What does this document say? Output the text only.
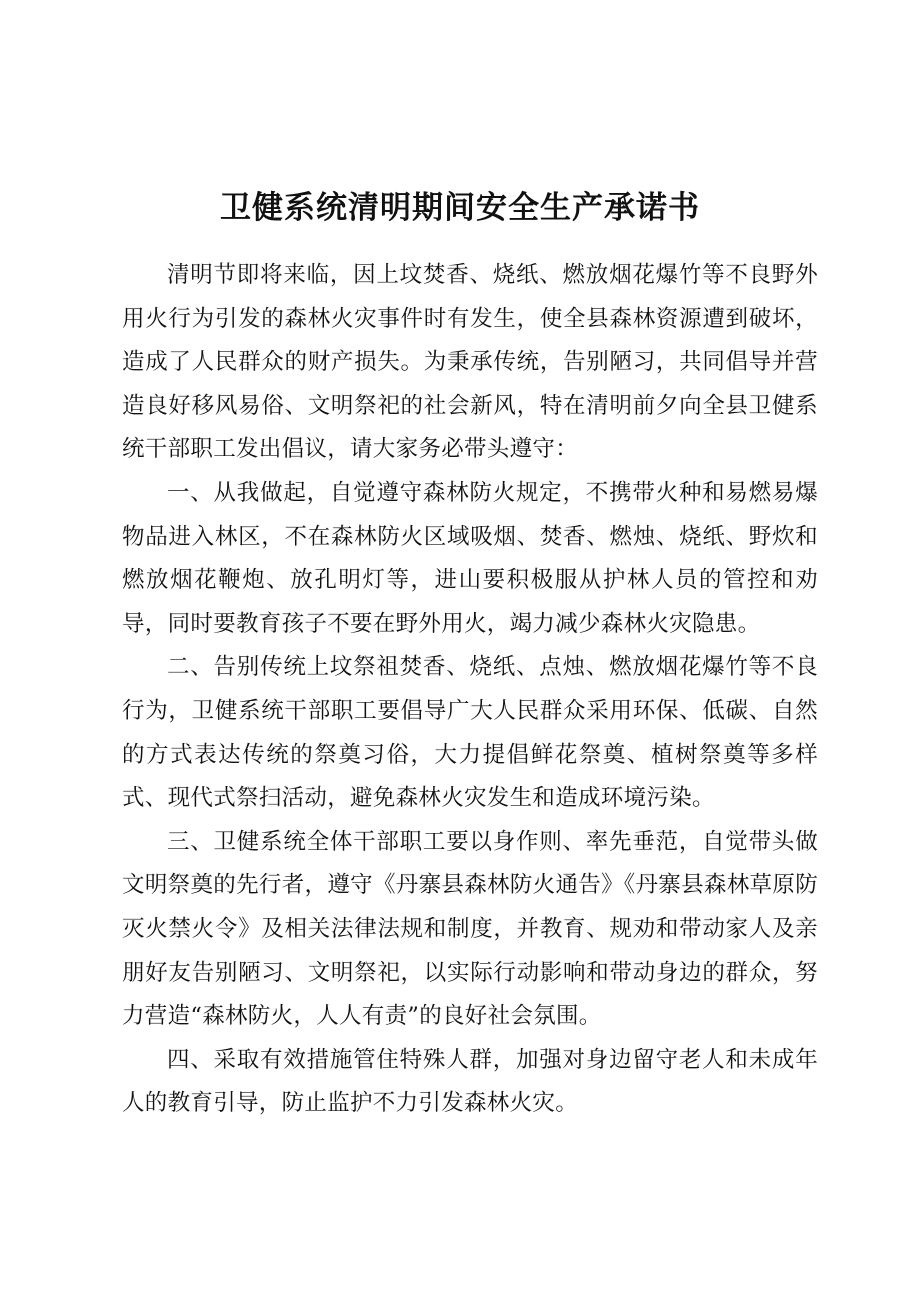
卫健系统清明期间安全生产承诺书

清明节即将来临，因上坟焚香、烧纸、燃放烟花爆竹等不良野外用火行为引发的森林火灾事件时有发生，使全县森林资源遭到破坏，造成了人民群众的财产损失。为秉承传统，告别陋习，共同倡导并营造良好移风易俗、文明祭祀的社会新风，特在清明前夕向全县卫健系统干部职工发出倡议，请大家务必带头遵守：

一、从我做起，自觉遵守森林防火规定，不携带火种和易燃易爆物品进入林区，不在森林防火区域吸烟、焚香、燃烛、烧纸、野炊和燃放烟花鞭炮、放孔明灯等，进山要积极服从护林人员的管控和劝导，同时要教育孩子不要在野外用火，竭力减少森林火灾隐患。

二、告别传统上坟祭祖焚香、烧纸、点烛、燃放烟花爆竹等不良行为，卫健系统干部职工要倡导广大人民群众采用环保、低碳、自然的方式表达传统的祭奠习俗，大力提倡鲜花祭奠、植树祭奠等多样式、现代式祭扫活动，避免森林火灾发生和造成环境污染。

三、卫健系统全体干部职工要以身作则、率先垂范，自觉带头做文明祭奠的先行者，遵守《丹寨县森林防火通告》《丹寨县森林草原防灭火禁火令》及相关法律法规和制度，并教育、规劝和带动家人及亲朋好友告别陋习、文明祭祀，以实际行动影响和带动身边的群众，努力营造“森林防火，人人有责”的良好社会氛围。

四、采取有效措施管住特殊人群，加强对身边留守老人和未成年人的教育引导，防止监护不力引发森林火灾。
